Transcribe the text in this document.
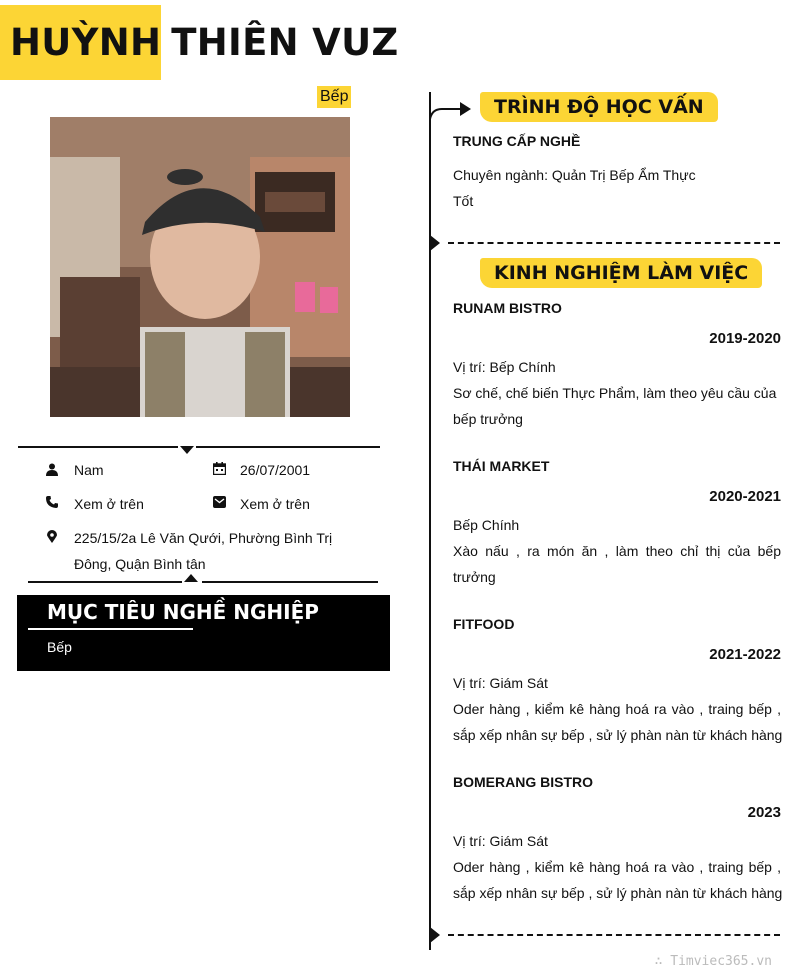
HUỲNH THIÊN VUZ
Bếp
Nam	26/07/2001
Xem ở trên	Xem ở trên
225/15/2a Lê Văn Qưới, Phường Bình Trị
Đông, Quận Bình tân
MỤC TIÊU NGHỀ NGHIỆP
Bếp
TRÌNH ĐỘ HỌC VẤN
TRUNG CẤP NGHỀ
Chuyên ngành: Quản Trị Bếp Ẩm Thực
Tốt
KINH NGHIỆM LÀM VIỆC
RUNAM BISTRO
2019-2020
Vị trí: Bếp Chính
Sơ chế, chế biến Thực Phẩm, làm theo yêu cầu của
bếp trưởng
THÁI MARKET
2020-2021
Bếp Chính
Xào nấu , ra món ăn , làm theo chỉ thị của bếp
trưởng
FITFOOD
2021-2022
Vị trí: Giám Sát
Oder hàng , kiểm kê hàng hoá ra vào , traing bếp ,
sắp xếp nhân sự bếp , sử lý phàn nàn từ khách hàng
BOMERANG BISTRO
2023
Vị trí: Giám Sát
Oder hàng , kiểm kê hàng hoá ra vào , traing bếp ,
sắp xếp nhân sự bếp , sử lý phàn nàn từ khách hàng
∴ Timviec365.vn
